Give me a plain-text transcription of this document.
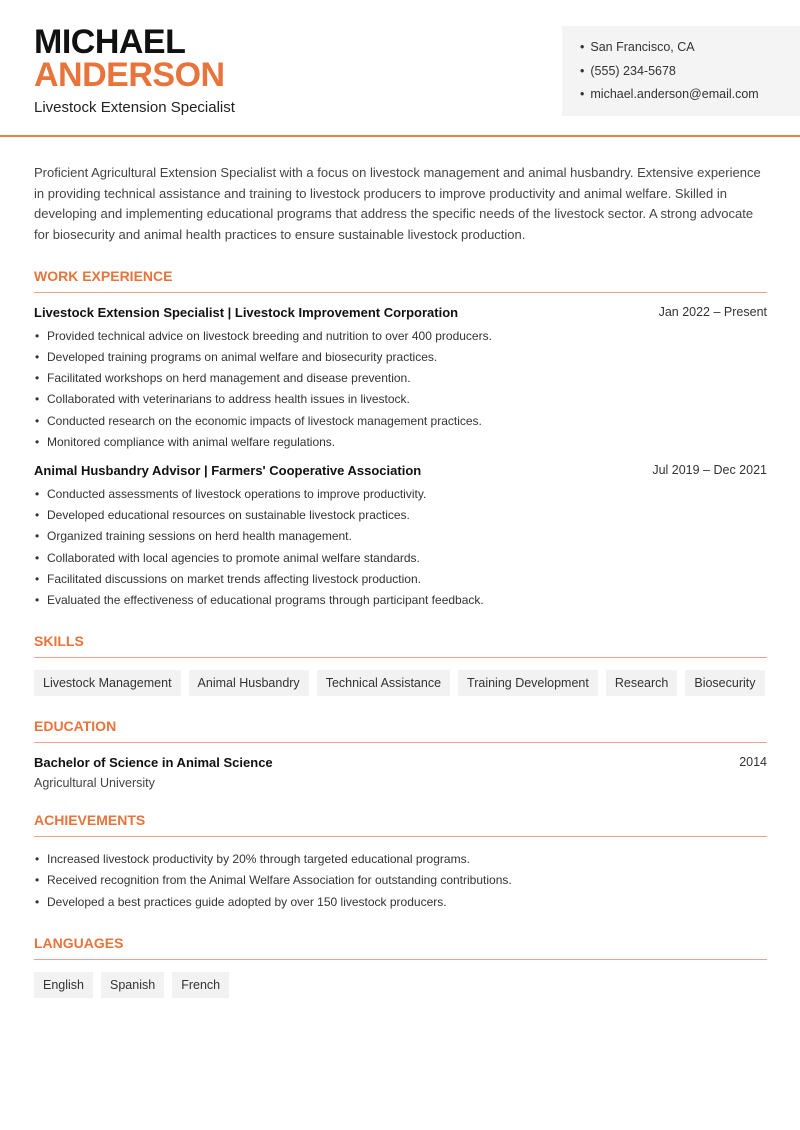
MICHAEL
ANDERSON
Livestock Extension Specialist
• San Francisco, CA
• (555) 234-5678
• michael.anderson@email.com

Proficient Agricultural Extension Specialist with a focus on livestock management and animal husbandry. Extensive experience in providing technical assistance and training to livestock producers to improve productivity and animal welfare. Skilled in developing and implementing educational programs that address the specific needs of the livestock sector. A strong advocate for biosecurity and animal health practices to ensure sustainable livestock production.

WORK EXPERIENCE
Livestock Extension Specialist | Livestock Improvement Corporation	Jan 2022 – Present
• Provided technical advice on livestock breeding and nutrition to over 400 producers.
• Developed training programs on animal welfare and biosecurity practices.
• Facilitated workshops on herd management and disease prevention.
• Collaborated with veterinarians to address health issues in livestock.
• Conducted research on the economic impacts of livestock management practices.
• Monitored compliance with animal welfare regulations.
Animal Husbandry Advisor | Farmers' Cooperative Association	Jul 2019 – Dec 2021
• Conducted assessments of livestock operations to improve productivity.
• Developed educational resources on sustainable livestock practices.
• Organized training sessions on herd health management.
• Collaborated with local agencies to promote animal welfare standards.
• Facilitated discussions on market trends affecting livestock production.
• Evaluated the effectiveness of educational programs through participant feedback.
SKILLS
Livestock Management	Animal Husbandry	Technical Assistance	Training Development	Research	Biosecurity
EDUCATION
Bachelor of Science in Animal Science	2014
Agricultural University
ACHIEVEMENTS
• Increased livestock productivity by 20% through targeted educational programs.
• Received recognition from the Animal Welfare Association for outstanding contributions.
• Developed a best practices guide adopted by over 150 livestock producers.
LANGUAGES
English	Spanish	French
